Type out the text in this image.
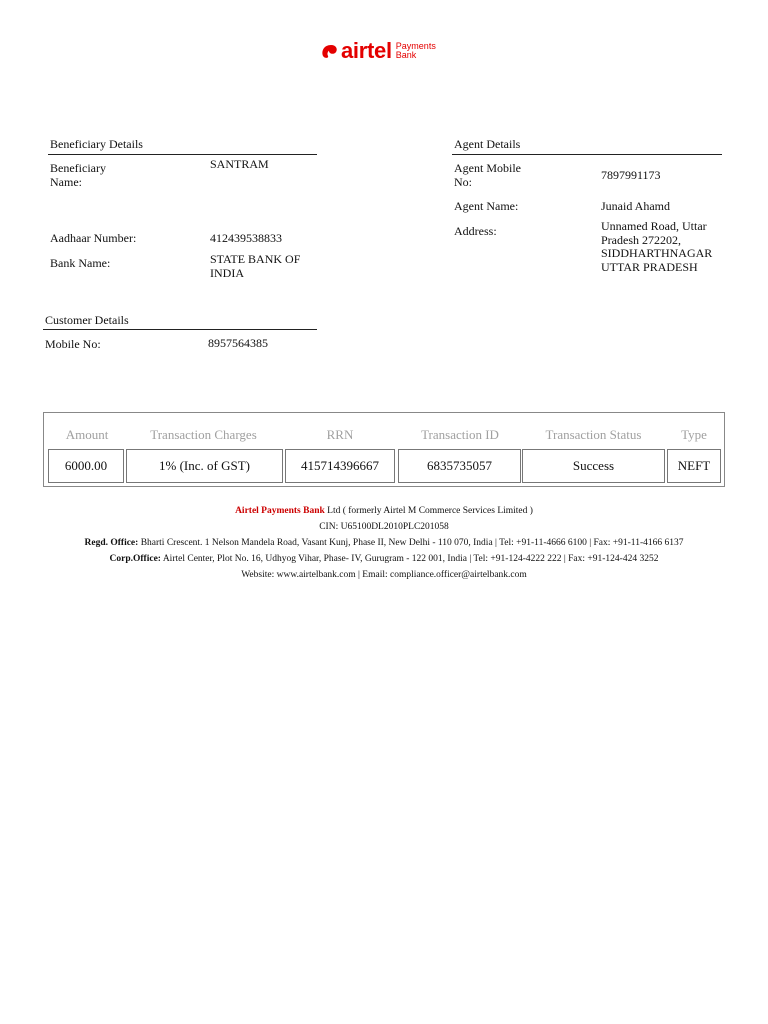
airtel Payments
Bank
Beneficiary Details
Beneficiary
Name:
SANTRAM
Aadhaar Number:	412439538833
Bank Name:	STATE BANK OF
INDIA
Agent Details
Agent Mobile
No:	7897991173
Agent Name:	Junaid Ahamd
Address:	Unnamed Road, Uttar
Pradesh 272202,
SIDDHARTHNAGAR
UTTAR PRADESH
Customer Details
Mobile No:	8957564385
Amount	Transaction Charges	RRN	Transaction ID	Transaction Status	Type
6000.00	1% (Inc. of GST)	415714396667	6835735057	Success	NEFT
Airtel Payments Bank Ltd ( formerly Airtel M Commerce Services Limited )
CIN: U65100DL2010PLC201058
Regd. Office: Bharti Crescent. 1 Nelson Mandela Road, Vasant Kunj, Phase II, New Delhi - 110 070, India | Tel: +91-11-4666 6100 | Fax: +91-11-4166 6137
Corp.Office: Airtel Center, Plot No. 16, Udhyog Vihar, Phase- IV, Gurugram - 122 001, India | Tel: +91-124-4222 222 | Fax: +91-124-424 3252
Website: www.airtelbank.com | Email: compliance.officer@airtelbank.com
